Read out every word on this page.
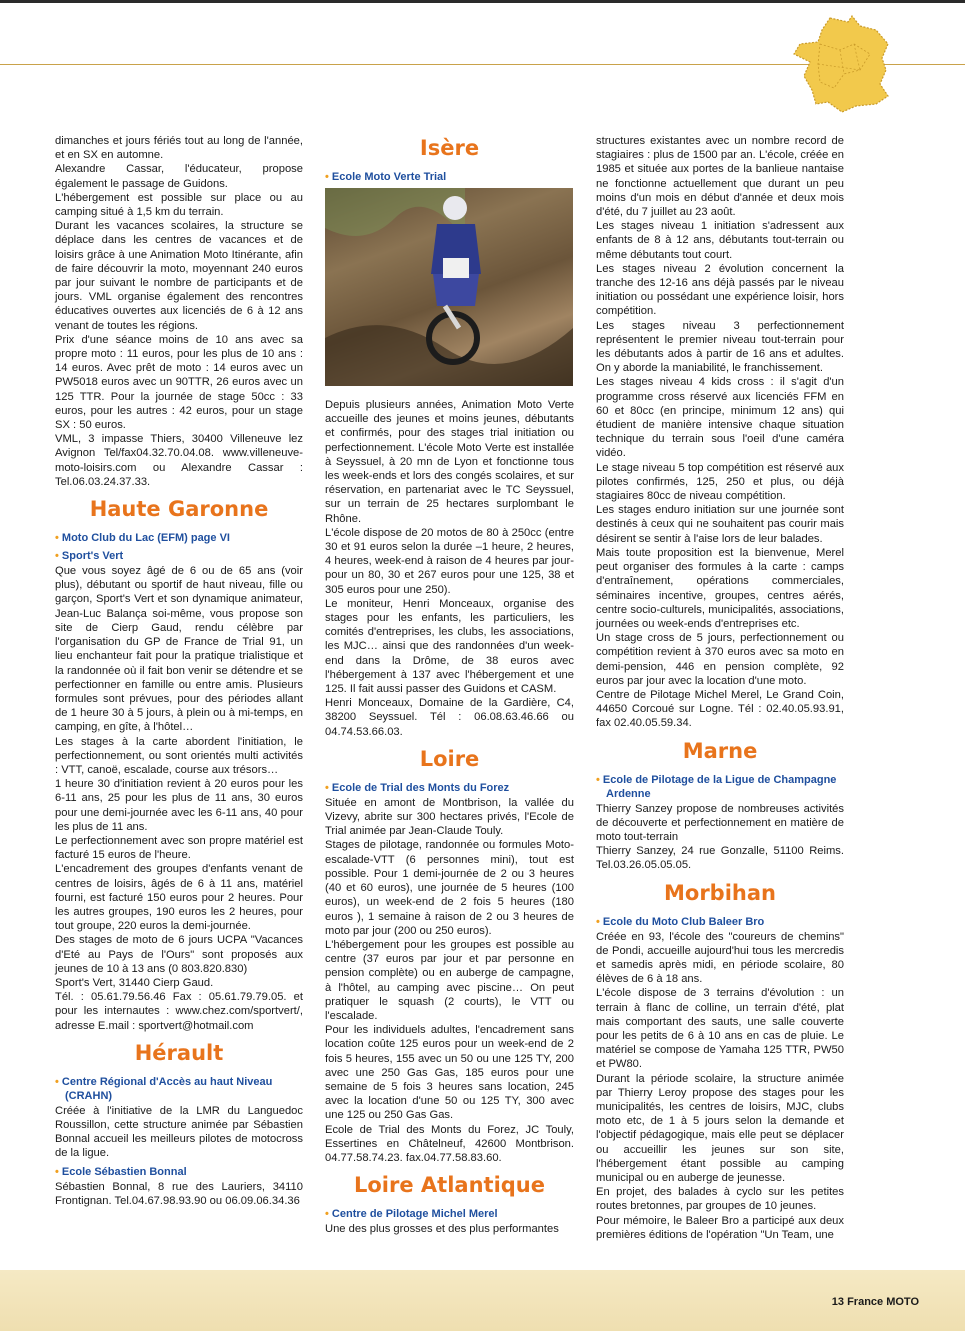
dimanches et jours fériés tout au long de l'année, et en SX en automne.

Alexandre Cassar, l'éducateur, propose également le passage de Guidons.

L'hébergement est possible sur place ou au camping situé à 1,5 km du terrain.

Durant les vacances scolaires, la structure se déplace dans les centres de vacances et de loisirs grâce à une Animation Moto Itinérante, afin de faire découvrir la moto, moyennant 240 euros par jour suivant le nombre de participants et de jours. VML organise également des rencontres éducatives ouvertes aux licenciés de 6 à 12 ans venant de toutes les régions.

Prix d'une séance moins de 10 ans avec sa propre moto : 11 euros, pour les plus de 10 ans : 14 euros. Avec prêt de moto : 14 euros avec un PW5018 euros avec un 90TTR, 26 euros avec un 125 TTR. Pour la journée de stage 50cc : 33 euros, pour les autres : 42 euros, pour un stage SX : 50 euros.

VML, 3 impasse Thiers, 30400 Villeneuve lez Avignon Tel/fax04.32.70.04.08. www.villeneuve-moto-loisirs.com ou Alexandre Cassar : Tel.06.03.24.37.33.

Haute Garonne
• Moto Club du Lac (EFM) page VI
• Sport's Vert

Que vous soyez âgé de 6 ou de 65 ans (voir plus), débutant ou sportif de haut niveau, fille ou garçon, Sport's Vert et son dynamique animateur, Jean-Luc Balança soi-même, vous propose son site de Cierp Gaud, rendu célèbre par l'organisation du GP de France de Trial 91, un lieu enchanteur fait pour la pratique trialistique et la randonnée où il fait bon venir se détendre et se perfectionner en famille ou entre amis. Plusieurs formules sont prévues, pour des périodes allant de 1 heure 30 à 5 jours, à plein ou à mi-temps, en camping, en gîte, à l'hôtel…

Les stages à la carte abordent l'initiation, le perfectionnement, ou sont orientés multi activités : VTT, canoë, escalade, course aux trésors…

1 heure 30 d'initiation revient à 20 euros pour les 6-11 ans, 25 pour les plus de 11 ans, 30 euros pour une demi-journée avec les 6-11 ans, 40 pour les plus de 11 ans.

Le perfectionnement avec son propre matériel est facturé 15 euros de l'heure.

L'encadrement des groupes d'enfants venant de centres de loisirs, âgés de 6 à 11 ans, matériel fourni, est facturé 150 euros pour 2 heures. Pour les autres groupes, 190 euros les 2 heures, pour tout groupe, 220 euros la demi-journée.

Des stages de moto de 6 jours UCPA "Vacances d'Eté au Pays de l'Ours" sont proposés aux jeunes de 10 à 13 ans (0 803.820.830)

Sport's Vert, 31440 Cierp Gaud.

Tél. : 05.61.79.56.46 Fax : 05.61.79.79.05. et pour les internautes : www.chez.com/sportvert/, adresse E.mail : sportvert@hotmail.com

Hérault
• Centre Régional d'Accès au haut Niveau (CRAHN)

Créée à l'initiative de la LMR du Languedoc Roussillon, cette structure animée par Sébastien Bonnal accueil les meilleurs pilotes de motocross de la ligue.

• Ecole Sébastien Bonnal

Sébastien Bonnal, 8 rue des Lauriers, 34110 Frontignan. Tel.04.67.98.93.90 ou 06.09.06.34.36

Isère
• Ecole Moto Verte Trial

Depuis plusieurs années, Animation Moto Verte accueille des jeunes et moins jeunes, débutants et confirmés, pour des stages trial initiation ou perfectionnement. L'école Moto Verte est installée à Seyssuel, à 20 mn de Lyon et fonctionne tous les week-ends et lors des congés scolaires, et sur réservation, en partenariat avec le TC Seyssuel, sur un terrain de 25 hectares surplombant le Rhône.

L'école dispose de 20 motos de 80 à 250cc (entre 30 et 91 euros selon la durée –1 heure, 2 heures, 4 heures, week-end à raison de 4 heures par jour- pour un 80, 30 et 267 euros pour une 125, 38 et 305 euros pour une 250).

Le moniteur, Henri Monceaux, organise des stages pour les enfants, les particuliers, les comités d'entreprises, les clubs, les associations, les MJC… ainsi que des randonnées d'un week-end dans la Drôme, de 38 euros avec l'hébergement à 137 avec l'hébergement et une 125. Il fait aussi passer des Guidons et CASM.

Henri Monceaux, Domaine de la Gardière, C4, 38200 Seyssuel. Tél : 06.08.63.46.66 ou 04.74.53.66.03.

Loire
• Ecole de Trial des Monts du Forez

Située en amont de Montbrison, la vallée du Vizevy, abrite sur 300 hectares privés, l'Ecole de Trial animée par Jean-Claude Touly.

Stages de pilotage, randonnée ou formules Moto-escalade-VTT (6 personnes mini), tout est possible. Pour 1 demi-journée de 2 ou 3 heures (40 et 60 euros), une journée de 5 heures (100 euros), un week-end de 2 fois 5 heures (180 euros ), 1 semaine à raison de 2 ou 3 heures de moto par jour (200 ou 250 euros).

L'hébergement pour les groupes est possible au centre (37 euros par jour et par personne en pension complète) ou en auberge de campagne, à l'hôtel, au camping avec piscine… On peut pratiquer le squash (2 courts), le VTT ou l'escalade.

Pour les individuels adultes, l'encadrement sans location coûte 125 euros pour un week-end de 2 fois 5 heures, 155 avec un 50 ou une 125 TY, 200 avec une 250 Gas Gas, 185 euros pour une semaine de 5 fois 3 heures sans location, 245 avec la location d'une 50 ou 125 TY, 300 avec une 125 ou 250 Gas Gas.

Ecole de Trial des Monts du Forez, JC Touly, Essertines en Châtelneuf, 42600 Montbrison. 04.77.58.74.23. fax.04.77.58.83.60.

Loire Atlantique
• Centre de Pilotage Michel Merel

Une des plus grosses et des plus performantes

structures existantes avec un nombre record de stagiaires : plus de 1500 par an. L'école, créée en 1985 et située aux portes de la banlieue nantaise ne fonctionne actuellement que durant un peu moins d'un mois en début d'année et deux mois d'été, du 7 juillet au 23 août.

Les stages niveau 1 initiation s'adressent aux enfants de 8 à 12 ans, débutants tout-terrain ou même débutants tout court.

Les stages niveau 2 évolution concernent la tranche des 12-16 ans déjà passés par le niveau initiation ou possédant une expérience loisir, hors compétition.

Les stages niveau 3 perfectionnement représentent le premier niveau tout-terrain pour les débutants ados à partir de 16 ans et adultes. On y aborde la maniabilité, le franchissement.

Les stages niveau 4 kids cross : il s'agit d'un programme cross réservé aux licenciés FFM en 60 et 80cc (en principe, minimum 12 ans) qui étudient de manière intensive chaque situation technique du terrain sous l'oeil d'une caméra vidéo.

Le stage niveau 5 top compétition est réservé aux pilotes confirmés, 125, 250 et plus, ou déjà stagiaires 80cc de niveau compétition.

Les stages enduro initiation sur une journée sont destinés à ceux qui ne souhaitent pas courir mais désirent se sentir à l'aise lors de leur balades.

Mais toute proposition est la bienvenue, Merel peut organiser des formules à la carte : camps d'entraînement, opérations commerciales, séminaires incentive, groupes, centres aérés, centre socio-culturels, municipalités, associations, journées ou week-ends d'entreprises etc.

Un stage cross de 5 jours, perfectionnement ou compétition revient à 370 euros avec sa moto en demi-pension, 446 en pension complète, 92 euros par jour avec la location d'une moto.

Centre de Pilotage Michel Merel, Le Grand Coin, 44650 Corcoué sur Logne. Tél : 02.40.05.93.91, fax 02.40.05.59.34.

Marne
• Ecole de Pilotage de la Ligue de Champagne Ardenne

Thierry Sanzey propose de nombreuses activités de découverte et perfectionnement en matière de moto tout-terrain

Thierry Sanzey, 24 rue Gonzalle, 51100 Reims. Tel.03.26.05.05.05.

Morbihan
• Ecole du Moto Club Baleer Bro

Créée en 93, l'école des "coureurs de chemins" de Pondi, accueille aujourd'hui tous les mercredis et samedis après midi, en période scolaire, 80 élèves de 6 à 18 ans.

L'école dispose de 3 terrains d'évolution : un terrain à flanc de colline, un terrain d'été, plat mais comportant des sauts, une salle couverte pour les petits de 6 à 10 ans en cas de pluie. Le matériel se compose de Yamaha 125 TTR, PW50 et PW80.

Durant la période scolaire, la structure animée par Thierry Leroy propose des stages pour les municipalités, les centres de loisirs, MJC, clubs moto etc, de 1 à 5 jours selon la demande et l'objectif pédagogique, mais elle peut se déplacer ou accueillir les jeunes sur son site, l'hébergement étant possible au camping municipal ou en auberge de jeunesse.

En projet, des balades à cyclo sur les petites routes bretonnes, par groupes de 10 jeunes.

Pour mémoire, le Baleer Bro a participé aux deux premières éditions de l'opération "Un Team, une

13 France MOTO
